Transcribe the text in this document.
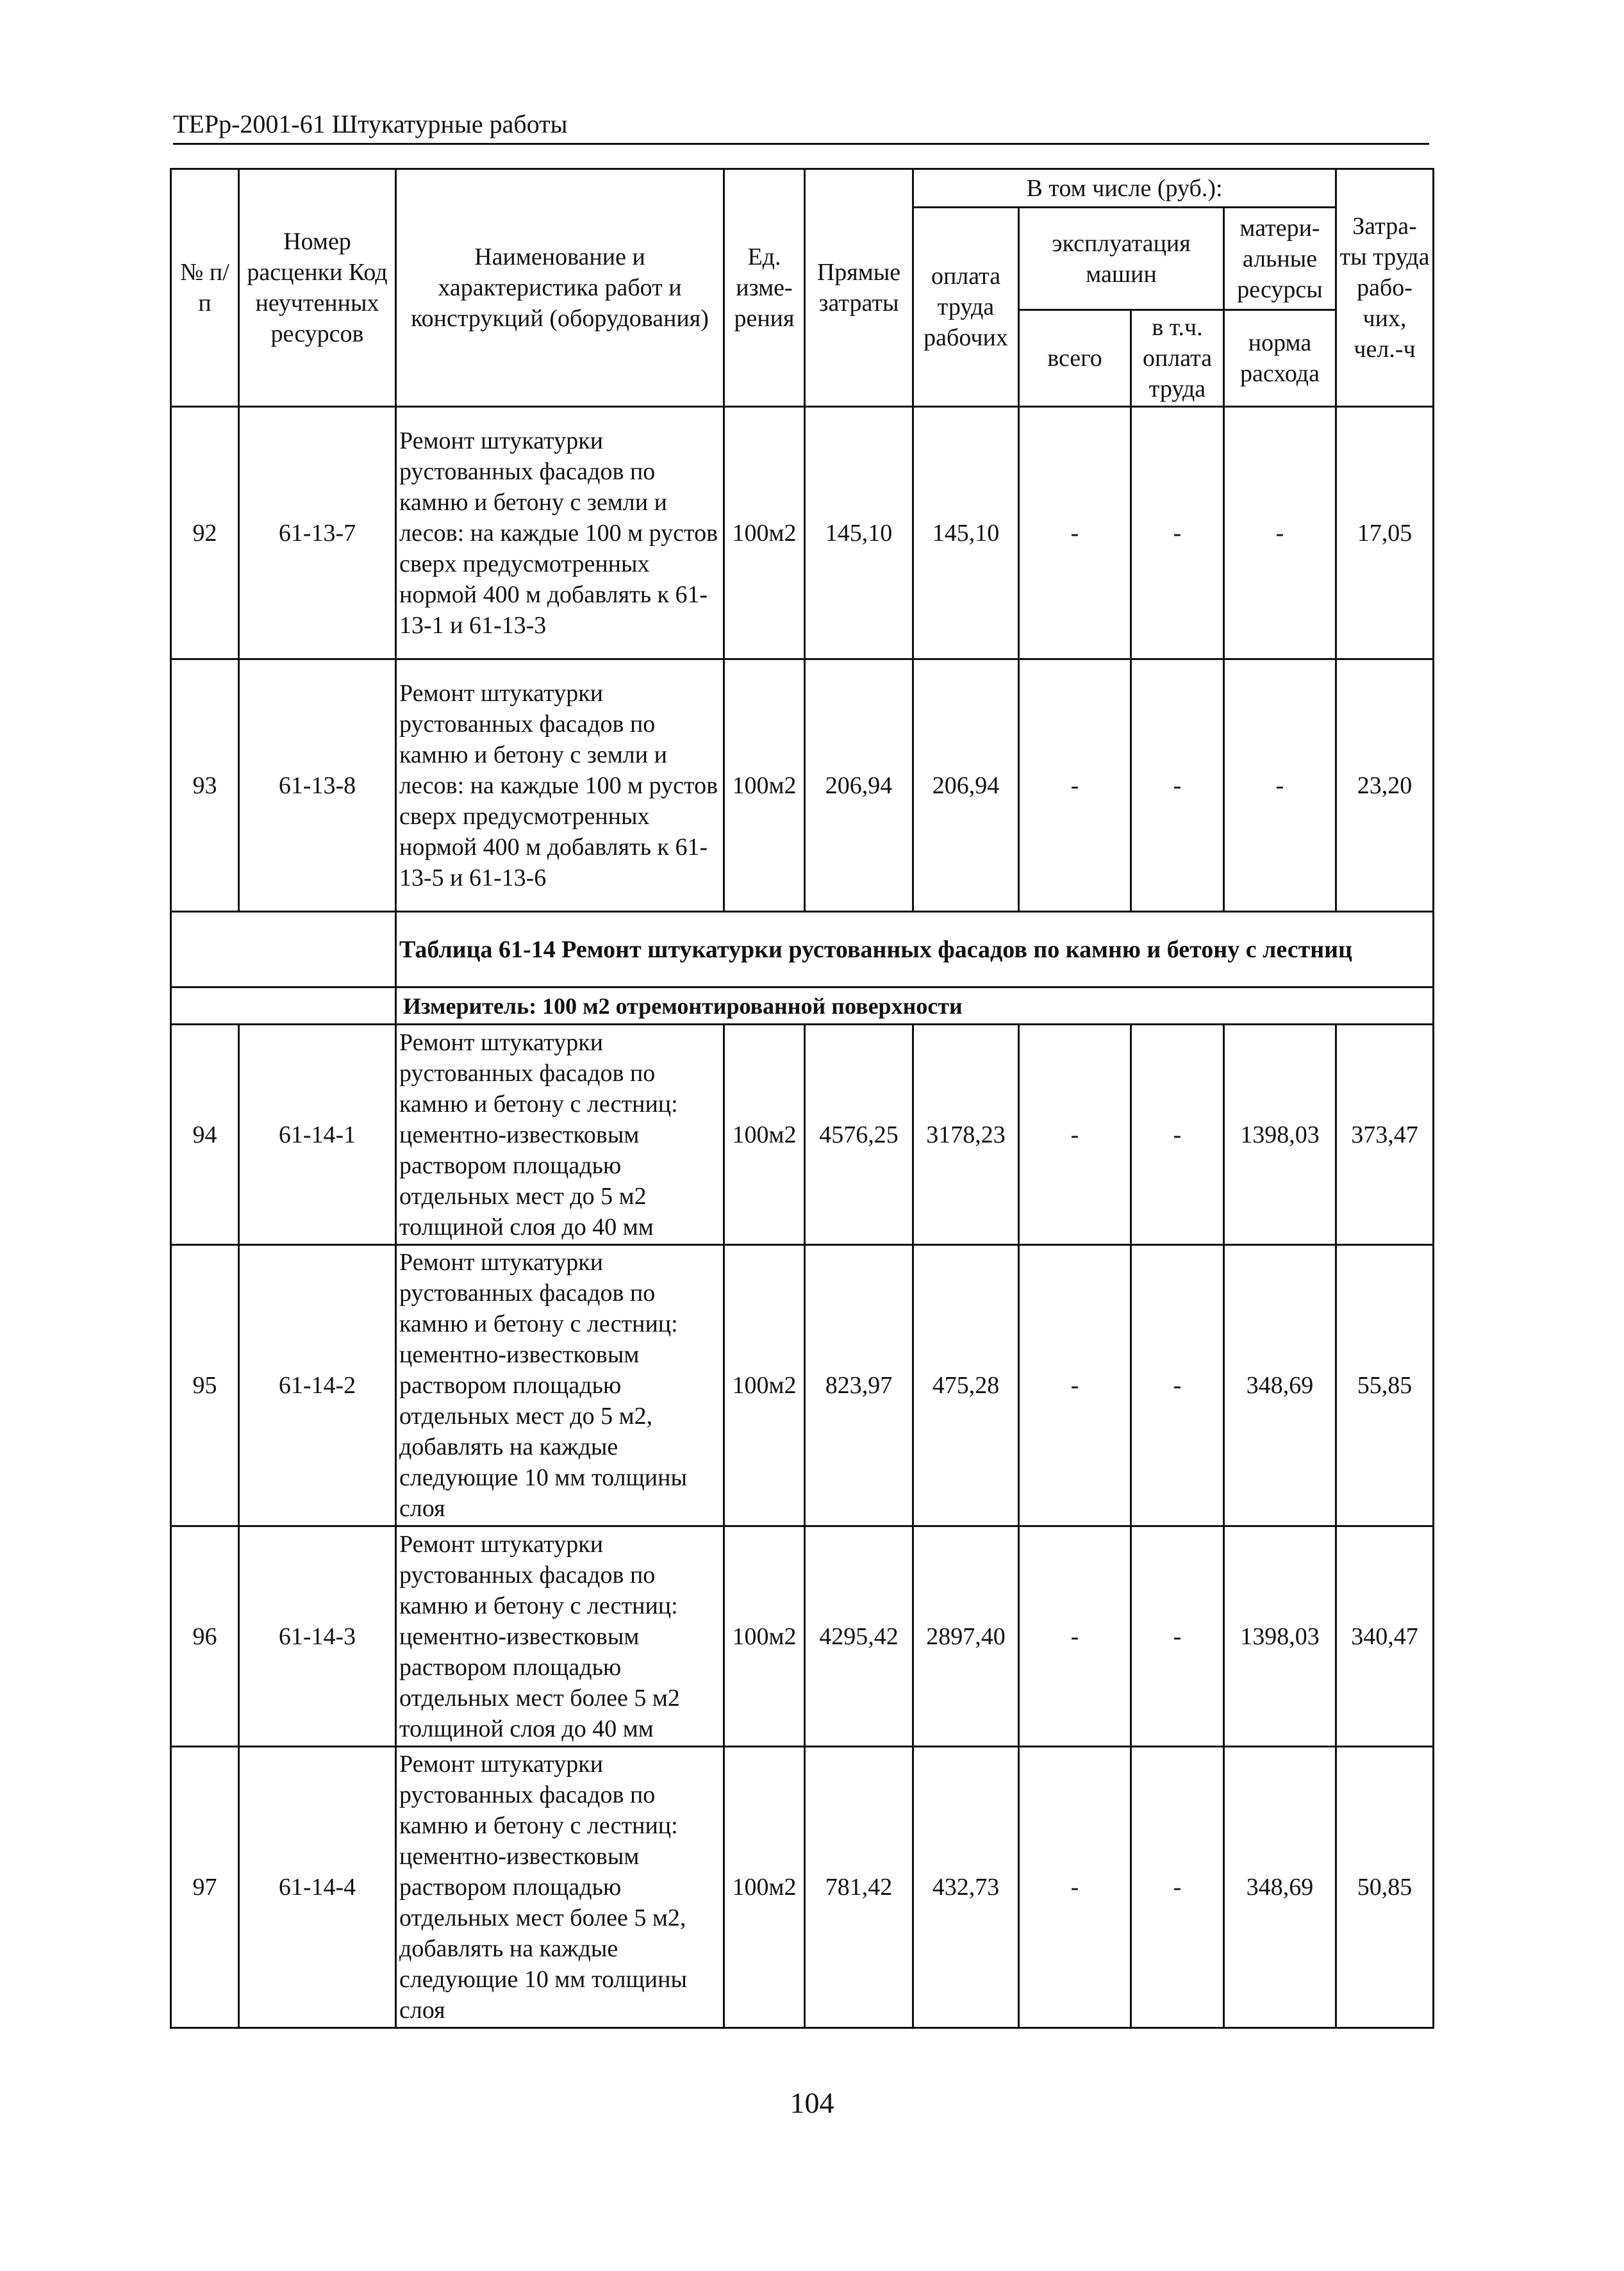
ТЕРр-2001-61 Штукатурные работы
№ п/п	Номер расценки Код неучтенных ресурсов	Наименование и характеристика работ и конструкций (оборудования)	Ед. изме-рения	Прямые затраты	В том числе (руб.):				Затра-ты труда рабо-чих, чел.-ч
					оплата труда рабочих	эксплуатация машин		матери-альные ресурсы	
						всего	в т.ч. оплата труда	норма расхода	

92	61-13-7	Ремонт штукатурки рустованных фасадов по камню и бетону с земли и лесов: на каждые 100 м рустов сверх предусмотренных нормой 400 м добавлять к 61-13-1 и 61-13-3	100м2	145,10	145,10	-	-	-	17,05
93	61-13-8	Ремонт штукатурки рустованных фасадов по камню и бетону с земли и лесов: на каждые 100 м рустов сверх предусмотренных нормой 400 м добавлять к 61-13-5 и 61-13-6	100м2	206,94	206,94	-	-	-	23,20
		Таблица 61-14 Ремонт штукатурки рустованных фасадов по камню и бетону с лестниц							
		Измеритель: 100 м2 отремонтированной поверхности							
94	61-14-1	Ремонт штукатурки рустованных фасадов по камню и бетону с лестниц: цементно-известковым раствором площадью отдельных мест до 5 м2 толщиной слоя до 40 мм	100м2	4576,25	3178,23	-	-	1398,03	373,47
95	61-14-2	Ремонт штукатурки рустованных фасадов по камню и бетону с лестниц: цементно-известковым раствором площадью отдельных мест до 5 м2, добавлять на каждые следующие 10 мм толщины слоя	100м2	823,97	475,28	-	-	348,69	55,85
96	61-14-3	Ремонт штукатурки рустованных фасадов по камню и бетону с лестниц: цементно-известковым раствором площадью отдельных мест более 5 м2 толщиной слоя до 40 мм	100м2	4295,42	2897,40	-	-	1398,03	340,47
97	61-14-4	Ремонт штукатурки рустованных фасадов по камню и бетону с лестниц: цементно-известковым раствором площадью отдельных мест более 5 м2, добавлять на каждые следующие 10 мм толщины слоя	100м2	781,42	432,73	-	-	348,69	50,85
104
